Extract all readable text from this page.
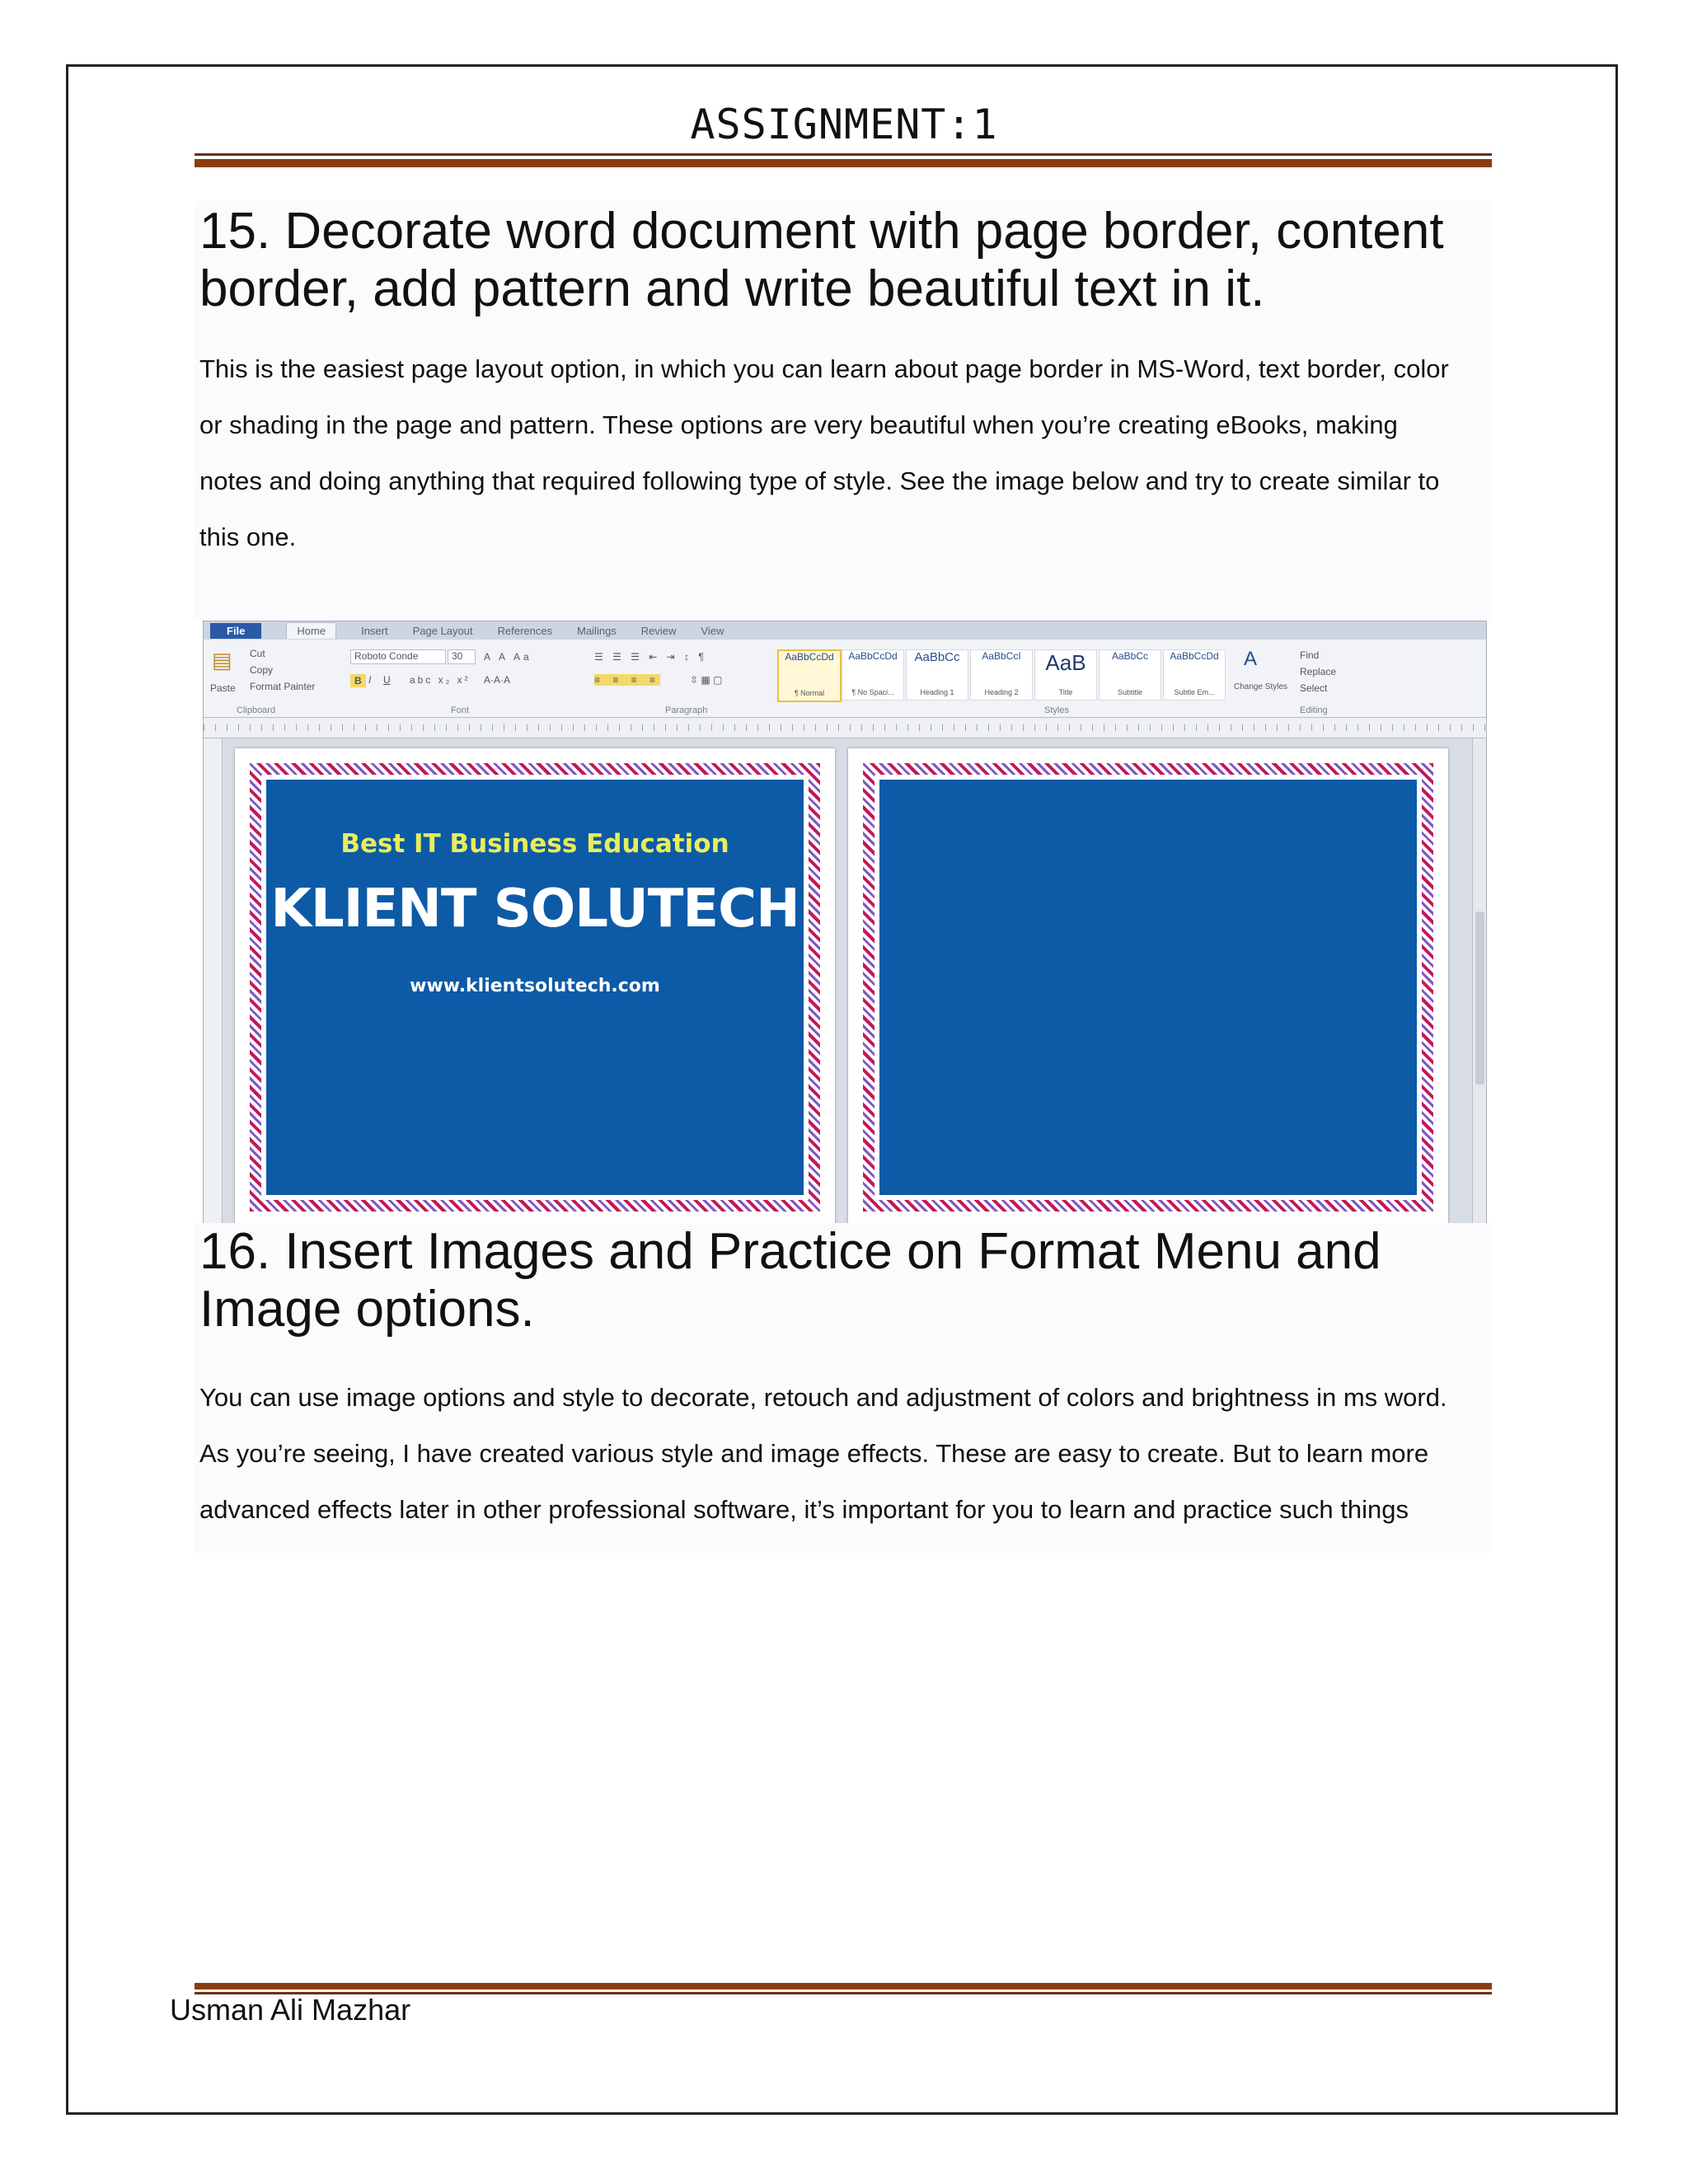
ASSIGNMENT:1
15. Decorate word document with page border, content
border, add pattern and write beautiful text in it.
This is the easiest page layout option, in which you can learn about page border in MS-Word, text border, color
or shading in the page and pattern. These options are very beautiful when you’re creating eBooks, making
notes and doing anything that required following type of style. See the image below and try to create similar to
this one.
File	Home	Insert Page Layout References Mailings Review View
▤
Paste
Cut
Copy
Format Painter
Roboto Conde	30
B I U abc x₂ x²
A A Aa
A·A·A
☰ ☰ ☰ ⇤ ⇥ ↕ ¶
≡ ≡ ≡ ≡	⇳ ▦ ▢
AaBbCcDd
¶ Normal
AaBbCcDd
¶ No Spaci...
AaBbCc
Heading 1
AaBbCcI
Heading 2
AaB
Title
AaBbCc
Subtitle
AaBbCcDd
Subtle Em...
A
Change Styles
Find
Replace
Select
Clipboard	Font	Paragraph	Styles	Editing
Best IT Business Education
KLIENT SOLUTECH
www.klientsolutech.com
16. Insert Images and Practice on Format Menu and
Image options.
You can use image options and style to decorate, retouch and adjustment of colors and brightness in ms word.
As you’re seeing, I have created various style and image effects. These are easy to create. But to learn more
advanced effects later in other professional software, it’s important for you to learn and practice such things
Usman Ali Mazhar
